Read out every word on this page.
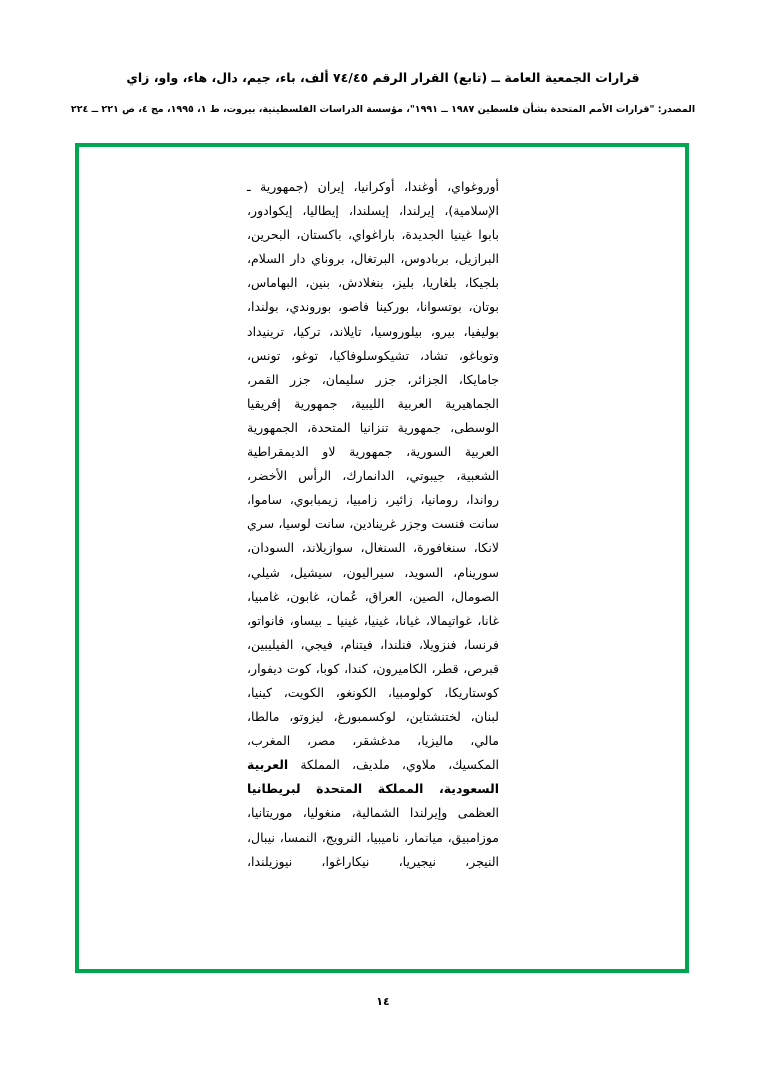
قرارات الجمعية العامة ــ (تابع) القرار الرقم ٧٤/٤٥ ألف، باء، جيم، دال، هاء، واو، زاي
المصدر: "قرارات الأمم المتحدة بشأن فلسطين ١٩٨٧ ــ ١٩٩١"، مؤسسة الدراسات الفلسطينية، بيروت، ط ١، ١٩٩٥، مج ٤، ص ٢٢١ ــ ٢٢٤
أوروغواي، أوغندا، أوكرانيا، إيران (جمهورية ـ الإسلامية)، إيرلندا، إيسلندا، إيطاليا، إيكوادور، بابوا غينيا الجديدة، باراغواي، باكستان، البحرين، البرازيل، بربادوس، البرتغال، بروناي دار السلام، بلجيكا، بلغاريا، بليز، بنغلادش، بنين، البهاماس، بوتان، بوتسوانا، بوركينا فاصو، بوروندي، بولندا، بوليفيا، بيرو، بيلوروسيا، تايلاند، تركيا، ترينيداد وتوباغو، تشاد، تشيكوسلوفاكيا، توغو، تونس، جامايكا، الجزائر، جزر سليمان، جزر القمر، الجماهيرية العربية الليبية، جمهورية إفريقيا الوسطى، جمهورية تنزانيا المتحدة، الجمهورية العربية السورية، جمهورية لاو الديمقراطية الشعبية، جيبوتي، الدانمارك، الرأس الأخضر، رواندا، رومانيا، زائير، زامبيا، زيمبابوي، ساموا، سانت فنست وجزر غرينادين، سانت لوسيا، سري لانكا، سنغافورة، السنغال، سوازيلاند، السودان، سورينام، السويد، سيراليون، سيشيل، شيلي، الصومال، الصين، العراق، عُمان، غابون، غامبيا، غانا، غواتيمالا، غيانا، غينيا، غينيا ـ بيساو، فانواتو، فرنسا، فنزويلا، فنلندا، فيتنام، فيجي، الفيليبين، قبرص، قطر، الكاميرون، كندا، كوبا، كوت ديفوار، كوستاريكا، كولومبيا، الكونغو، الكويت، كينيا، لبنان، لختنشتاين، لوكسمبورغ، ليزوتو، مالطا، مالي، ماليزيا، مدغشقر، مصر، المغرب، المكسيك، ملاوي، ملديف، المملكة العربية السعودية، المملكة المتحدة لبريطانيا العظمى وإيرلندا الشمالية، منغوليا، موريتانيا، موزامبيق، ميانمار، ناميبيا، النرويج، النمسا، نيبال، النيجر، نيجيريا، نيكاراغوا، نيوزيلندا،
١٤
